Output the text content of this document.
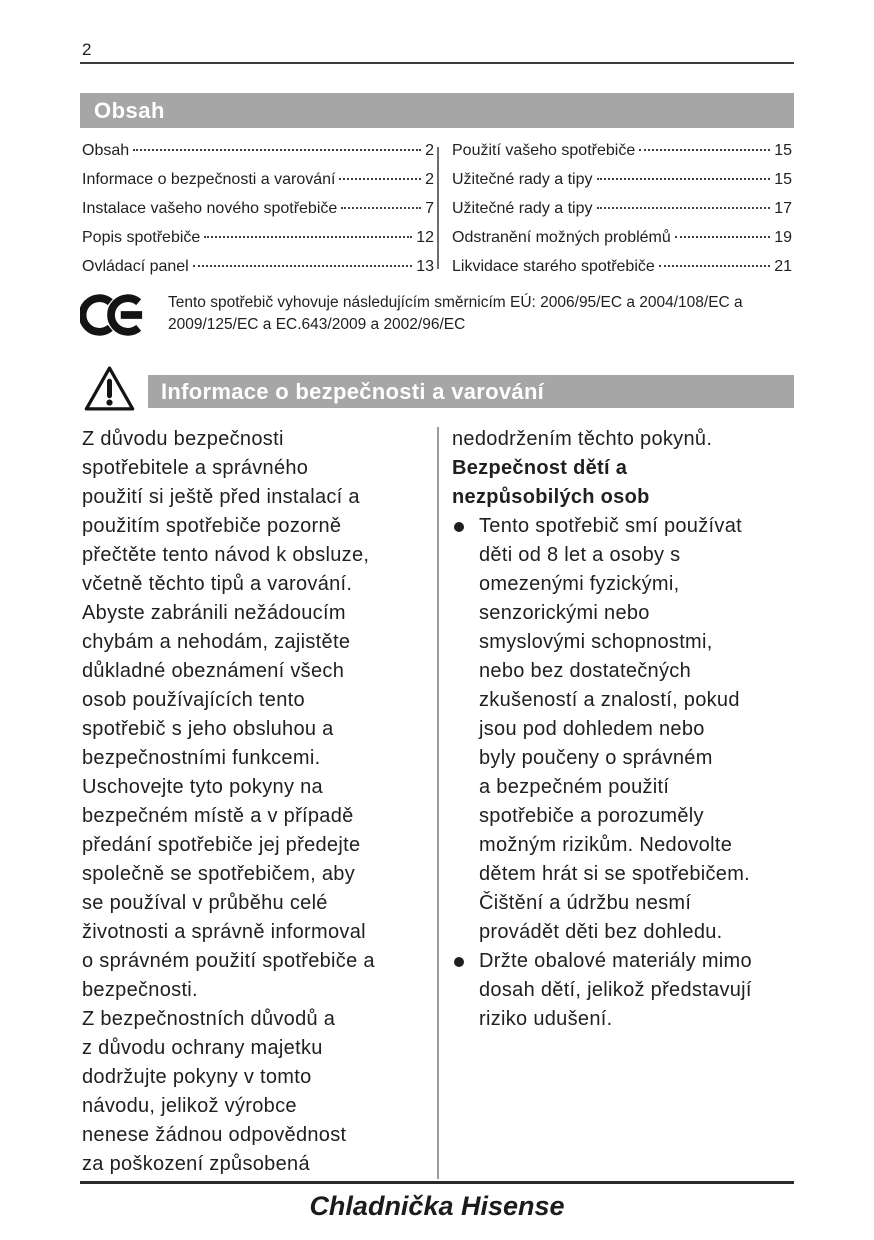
2
Obsah
Obsah	2
Informace o bezpečnosti a varování	2
Instalace vašeho nového spotřebiče	7
Popis spotřebiče	12
Ovládací panel	13
Použití vašeho spotřebiče	15
Užitečné rady a tipy	15
Užitečné rady a tipy	17
Odstranění možných problémů	19
Likvidace starého spotřebiče	21
Tento spotřebič vyhovuje následujícím směrnicím EÚ: 2006/95/EC a 2004/108/EC a 2009/125/EC a EC.643/2009 a 2002/96/EC
Informace o bezpečnosti a varování
Z důvodu bezpečnosti
spotřebitele a správného
použití si ještě před instalací a
použitím spotřebiče pozorně
přečtěte tento návod k obsluze,
včetně těchto tipů a varování.
Abyste zabránili nežádoucím
chybám a nehodám, zajistěte
důkladné obeznámení všech
osob používajících tento
spotřebič s jeho obsluhou a
bezpečnostními funkcemi.
Uschovejte tyto pokyny na
bezpečném místě a v případě
předání spotřebiče jej předejte
společně se spotřebičem, aby
se používal v průběhu celé
životnosti a správně informoval
o správném použití spotřebiče a
bezpečnosti.
Z bezpečnostních důvodů a
z důvodu ochrany majetku
dodržujte pokyny v tomto
návodu, jelikož výrobce
nenese žádnou odpovědnost
za poškození způsobená
nedodržením těchto pokynů.
Bezpečnost dětí a
nezpůsobilých osob
Tento spotřebič smí používat
děti od 8 let a osoby s
omezenými fyzickými,
senzorickými nebo
smyslovými schopnostmi,
nebo bez dostatečných
zkušeností a znalostí, pokud
jsou pod dohledem nebo
byly poučeny o správném
a bezpečném použití
spotřebiče a porozuměly
možným rizikům. Nedovolte
dětem hrát si se spotřebičem.
Čištění a údržbu nesmí
provádět děti bez dohledu.
Držte obalové materiály mimo
dosah dětí, jelikož představují
riziko udušení.
Chladnička Hisense
